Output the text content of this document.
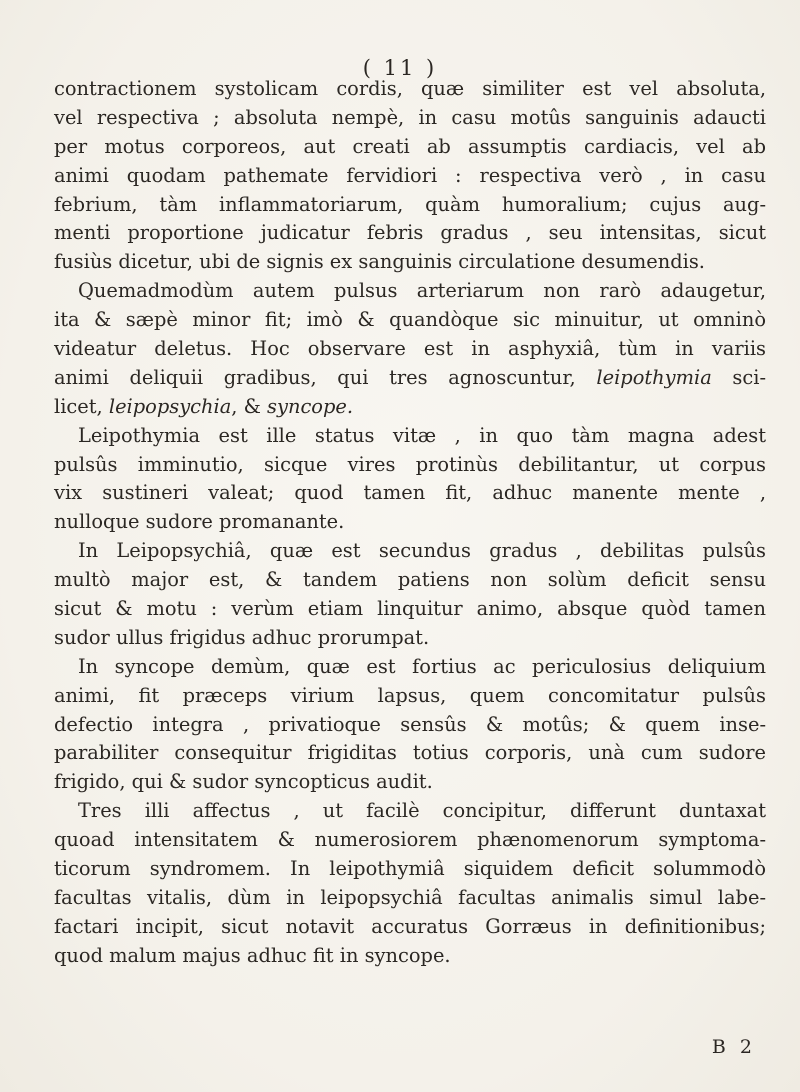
( 11 )
contractionem systolicam cordis, quæ similiter est vel absoluta,
vel respectiva ; absoluta nempè, in casu motûs sanguinis adaucti
per motus corporeos, aut creati ab assumptis cardiacis, vel ab
animi quodam pathemate fervidiori : respectiva verò , in casu
febrium, tàm inflammatoriarum, quàm humoralium; cujus aug-
menti proportione judicatur febris gradus , seu intensitas, sicut
fusiùs dicetur, ubi de signis ex sanguinis circulatione desumendis.
Quemadmodùm autem pulsus arteriarum non rarò adaugetur,
ita & sæpè minor fit; imò & quandòque sic minuitur, ut omninò
videatur deletus. Hoc observare est in asphyxiâ, tùm in variis
animi deliquii gradibus, qui tres agnoscuntur, leipothymia sci-
licet, leipopsychia, & syncope.
Leipothymia est ille status vitæ , in quo tàm magna adest
pulsûs imminutio, sicque vires protinùs debilitantur, ut corpus
vix sustineri valeat; quod tamen fit, adhuc manente mente ,
nulloque sudore promanante.
In Leipopsychiâ, quæ est secundus gradus , debilitas pulsûs
multò major est, & tandem patiens non solùm deficit sensu
sicut & motu : verùm etiam linquitur animo, absque quòd tamen
sudor ullus frigidus adhuc prorumpat.
In syncope demùm, quæ est fortius ac periculosius deliquium
animi, fit præceps virium lapsus, quem concomitatur pulsûs
defectio integra , privatioque sensûs & motûs; & quem inse-
parabiliter consequitur frigiditas totius corporis, unà cum sudore
frigido, qui & sudor syncopticus audit.
Tres illi affectus , ut facilè concipitur, differunt duntaxat
quoad intensitatem & numerosiorem phænomenorum symptoma-
ticorum syndromem. In leipothymiâ siquidem deficit solummodò
facultas vitalis, dùm in leipopsychiâ facultas animalis simul labe-
factari incipit, sicut notavit accuratus Gorræus in definitionibus;
quod malum majus adhuc fit in syncope.
B 2
